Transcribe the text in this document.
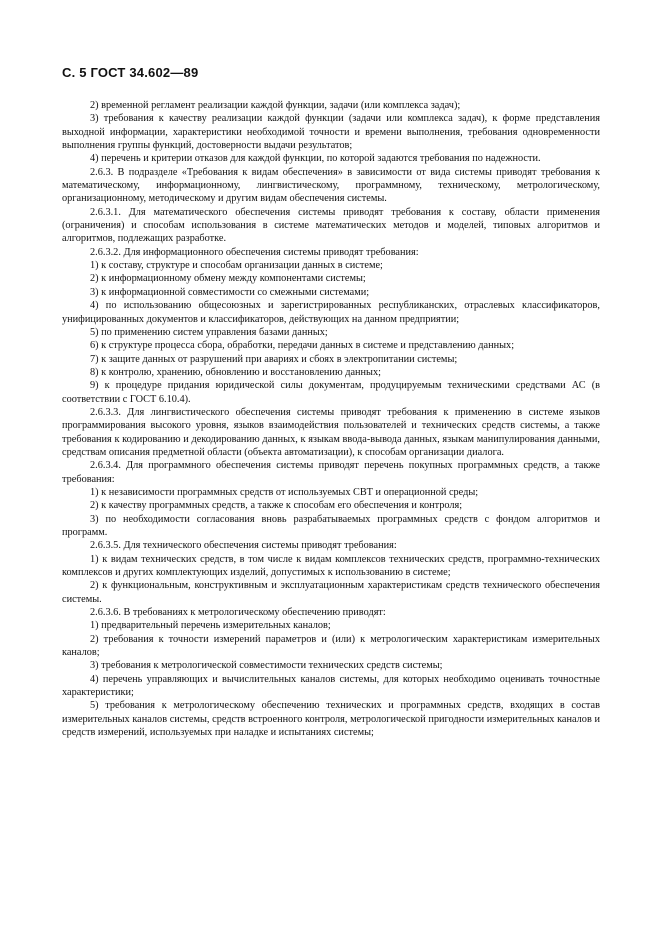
С. 5 ГОСТ 34.602—89

2) временной регламент реализации каждой функции, задачи (или комплекса задач);

3) требования к качеству реализации каждой функции (задачи или комплекса задач), к форме представления выходной информации, характеристики необходимой точности и времени выполнения, требования одновременности выполнения группы функций, достоверности выдачи результатов;

4) перечень и критерии отказов для каждой функции, по которой задаются требования по надежности.

2.6.3. В подразделе «Требования к видам обеспечения» в зависимости от вида системы приводят требования к математическому, информационному, лингвистическому, программному, техническому, метрологическому, организационному, методическому и другим видам обеспечения системы.

2.6.3.1. Для математического обеспечения системы приводят требования к составу, области применения (ограничения) и способам использования в системе математических методов и моделей, типовых алгоритмов и алгоритмов, подлежащих разработке.

2.6.3.2. Для информационного обеспечения системы приводят требования:

1) к составу, структуре и способам организации данных в системе;

2) к информационному обмену между компонентами системы;

3) к информационной совместимости со смежными системами;

4) по использованию общесоюзных и зарегистрированных республиканских, отраслевых классификаторов, унифицированных документов и классификаторов, действующих на данном предприятии;

5) по применению систем управления базами данных;

6) к структуре процесса сбора, обработки, передачи данных в системе и представлению данных;

7) к защите данных от разрушений при авариях и сбоях в электропитании системы;

8) к контролю, хранению, обновлению и восстановлению данных;

9) к процедуре придания юридической силы документам, продуцируемым техническими средствами АС (в соответствии с ГОСТ 6.10.4).

2.6.3.3. Для лингвистического обеспечения системы приводят требования к применению в системе языков программирования высокого уровня, языков взаимодействия пользователей и технических средств системы, а также требования к кодированию и декодированию данных, к языкам ввода-вывода данных, языкам манипулирования данными, средствам описания предметной области (объекта автоматизации), к способам организации диалога.

2.6.3.4. Для программного обеспечения системы приводят перечень покупных программных средств, а также требования:

1) к независимости программных средств от используемых СВТ и операционной среды;

2) к качеству программных средств, а также к способам его обеспечения и контроля;

3) по необходимости согласования вновь разрабатываемых программных средств с фондом алгоритмов и программ.

2.6.3.5. Для технического обеспечения системы приводят требования:

1) к видам технических средств, в том числе к видам комплексов технических средств, программно-технических комплексов и других комплектующих изделий, допустимых к использованию в системе;

2) к функциональным, конструктивным и эксплуатационным характеристикам средств технического обеспечения системы.

2.6.3.6. В требованиях к метрологическому обеспечению приводят:

1) предварительный перечень измерительных каналов;

2) требования к точности измерений параметров и (или) к метрологическим характеристикам измерительных каналов;

3) требования к метрологической совместимости технических средств системы;

4) перечень управляющих и вычислительных каналов системы, для которых необходимо оценивать точностные характеристики;

5) требования к метрологическому обеспечению технических и программных средств, входящих в состав измерительных каналов системы, средств встроенного контроля, метрологической пригодности измерительных каналов и средств измерений, используемых при наладке и испытаниях системы;
